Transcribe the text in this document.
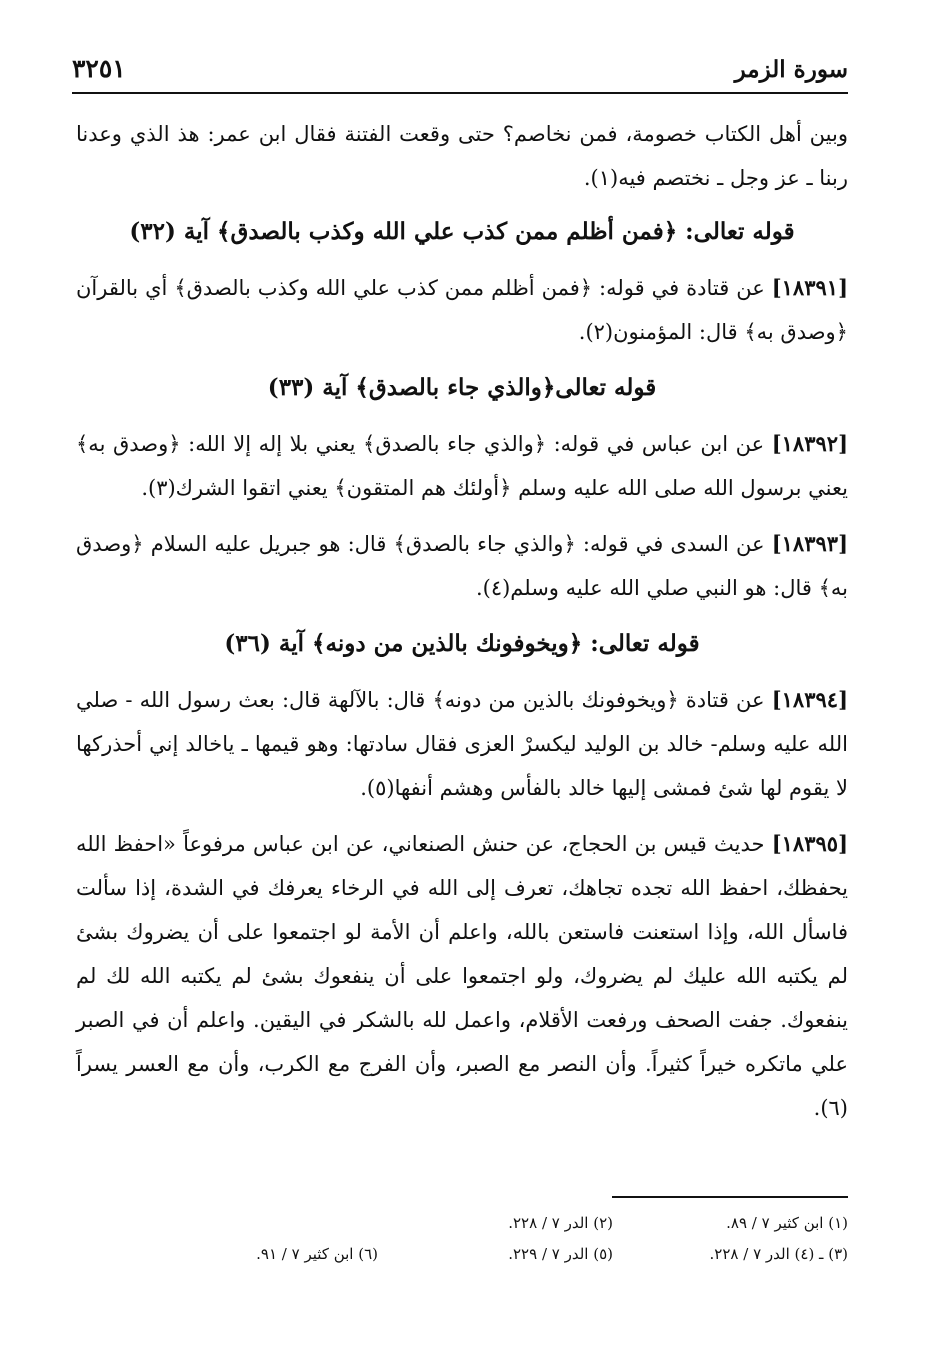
سورة الزمر
٣٢٥١

وبين أهل الكتاب خصومة، فمن نخاصم؟ حتى وقعت الفتنة فقال ابن عمر: هذ الذي وعدنا ربنا ـ عز وجل ـ نختصم فيه(١).

قوله تعالى: ﴿فمن أظلم ممن كذب علي الله وكذب بالصدق﴾ آية (٣٢)

[١٨٣٩١] عن قتادة في قوله: ﴿فمن أظلم ممن كذب علي الله وكذب بالصدق﴾ أي بالقرآن ﴿وصدق به﴾ قال: المؤمنون(٢).

قوله تعالى﴿والذي جاء بالصدق﴾ آية (٣٣)

[١٨٣٩٢] عن ابن عباس في قوله: ﴿والذي جاء بالصدق﴾ يعني بلا إله إلا الله: ﴿وصدق به﴾ يعني برسول الله صلى الله عليه وسلم ﴿أولئك هم المتقون﴾ يعني اتقوا الشرك(٣).

[١٨٣٩٣] عن السدى في قوله: ﴿والذي جاء بالصدق﴾ قال: هو جبريل عليه السلام ﴿وصدق به﴾ قال: هو النبي صلي الله عليه وسلم(٤).

قوله تعالى: ﴿ويخوفونك بالذين من دونه﴾ آية (٣٦)

[١٨٣٩٤] عن قتادة ﴿ويخوفونك بالذين من دونه﴾ قال: بالآلهة قال: بعث رسول الله - صلي الله عليه وسلم- خالد بن الوليد ليكسرْ العزى فقال سادتها: وهو قيمها ـ ياخالد إني أحذركها لا يقوم لها شئ فمشى إليها خالد بالفأس وهشم أنفها(٥).

[١٨٣٩٥] حديث قيس بن الحجاج، عن حنش الصنعاني، عن ابن عباس مرفوعاً «احفظ الله يحفظك، احفظ الله تجده تجاهك، تعرف إلى الله في الرخاء يعرفك في الشدة، إذا سألت فاسأل الله، وإذا استعنت فاستعن بالله، واعلم أن الأمة لو اجتمعوا على أن يضروك بشئ لم يكتبه الله عليك لم يضروك، ولو اجتمعوا على أن ينفعوك بشئ لم يكتبه الله لك لم ينفعوك. جفت الصحف ورفعت الأقلام، واعمل لله بالشكر في اليقين. واعلم أن في الصبر علي ماتكره خيراً كثيراً. وأن النصر مع الصبر، وأن الفرج مع الكرب، وأن مع العسر يسراً (٦).

(١) ابن كثير ٧ / ٨٩.
(٢) الدر ٧ / ٢٢٨.
(٣) ـ (٤) الدر ٧ / ٢٢٨.
(٥) الدر ٧ / ٢٢٩.
(٦) ابن كثير ٧ / ٩١.
